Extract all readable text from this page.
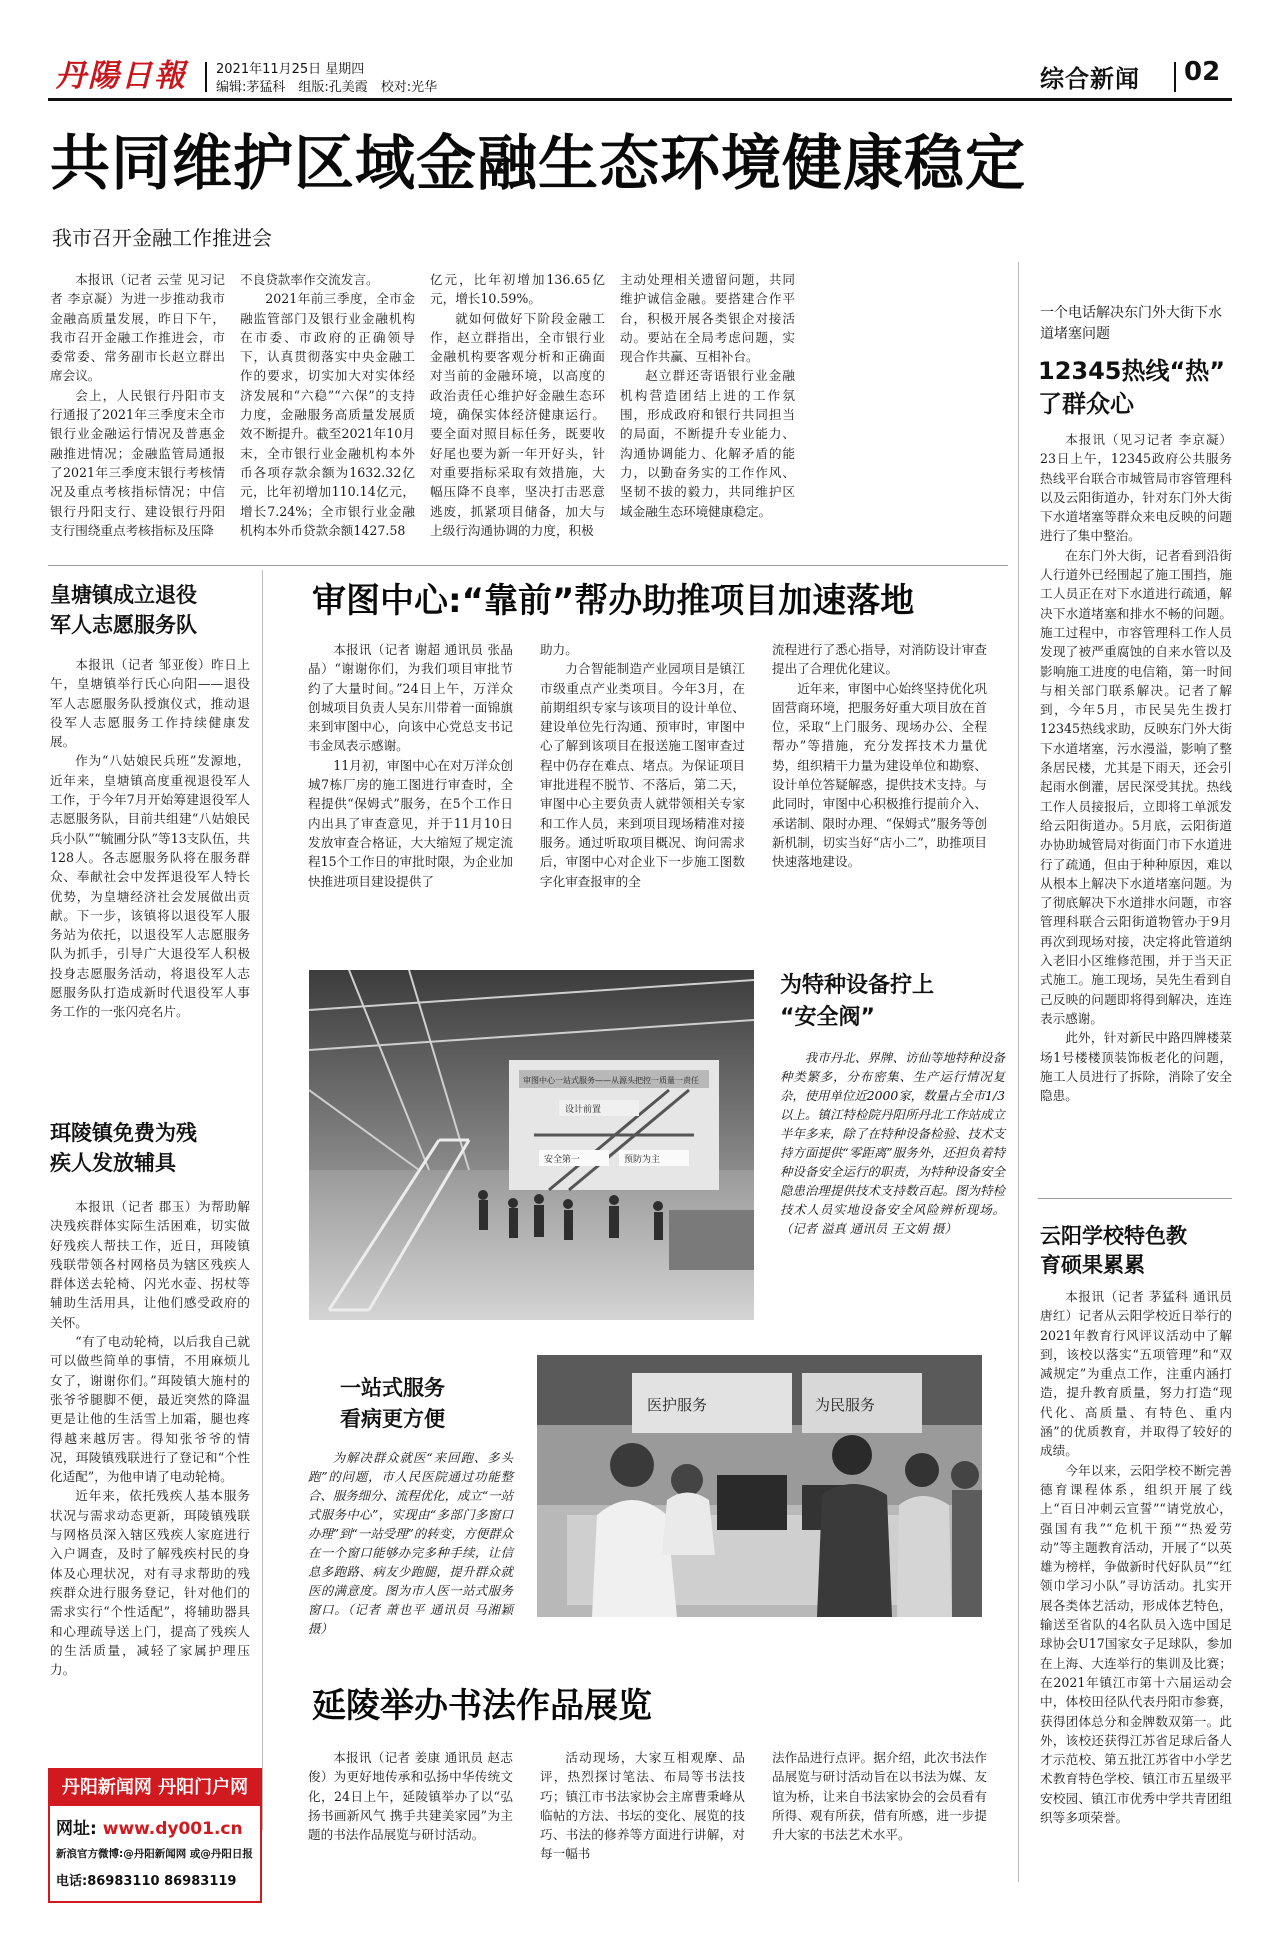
丹陽日報	2021年11月25日 星期四
编辑:茅猛科　组版:孔美霞　校对:光华	综合新闻 02
共同维护区域金融生态环境健康稳定
我市召开金融工作推进会

本报讯（记者 云莹 见习记者 李京凝）为进一步推动我市金融高质量发展，昨日下午，我市召开金融工作推进会，市委常委、常务副市长赵立群出席会议。

会上，人民银行丹阳市支行通报了2021年三季度末全市银行业金融运行情况及普惠金融推进情况；金融监管局通报了2021年三季度末银行考核情况及重点考核指标情况；中信银行丹阳支行、建设银行丹阳支行围绕重点考核指标及压降

不良贷款率作交流发言。

2021年前三季度，全市金融监管部门及银行业金融机构在市委、市政府的正确领导下，认真贯彻落实中央金融工作的要求，切实加大对实体经济发展和“六稳”“六保”的支持力度，金融服务高质量发展质效不断提升。截至2021年10月末，全市银行业金融机构本外币各项存款余额为1632.32亿元，比年初增加110.14亿元，增长7.24%；全市银行业金融机构本外币贷款余额1427.58

亿元，比年初增加136.65亿元，增长10.59%。

就如何做好下阶段金融工作，赵立群指出，全市银行业金融机构要客观分析和正确面对当前的金融环境，以高度的政治责任心维护好金融生态环境，确保实体经济健康运行。要全面对照目标任务，既要收好尾也要为新一年开好头，针对重要指标采取有效措施，大幅压降不良率，坚决打击恶意逃废，抓紧项目储备，加大与上级行沟通协调的力度，积极

主动处理相关遗留问题，共同维护诚信金融。要搭建合作平台，积极开展各类银企对接活动。要站在全局考虑问题，实现合作共赢、互相补台。

赵立群还寄语银行业金融机构营造团结上进的工作氛围，形成政府和银行共同担当的局面，不断提升专业能力、沟通协调能力、化解矛盾的能力，以勤奋务实的工作作风、坚韧不拔的毅力，共同维护区域金融生态环境健康稳定。

一个电话解决东门外大街下水道堵塞问题
12345热线“热”
了群众心

本报讯（见习记者 李京凝）23日上午，12345政府公共服务热线平台联合市城管局市容管理科以及云阳街道办，针对东门外大街下水道堵塞等群众来电反映的问题进行了集中整治。

在东门外大街，记者看到沿街人行道外已经围起了施工围挡，施工人员正在对下水道进行疏通，解决下水道堵塞和排水不畅的问题。施工过程中，市容管理科工作人员发现了被严重腐蚀的自来水管以及影响施工进度的电信箱，第一时间与相关部门联系解决。记者了解到，今年5月，市民吴先生拨打12345热线求助，反映东门外大街下水道堵塞，污水漫溢，影响了整条居民楼，尤其是下雨天，还会引起雨水倒灌，居民深受其扰。热线工作人员接报后，立即将工单派发给云阳街道办。5月底，云阳街道办协助城管局对街面门市下水道进行了疏通，但由于种种原因，难以从根本上解决下水道堵塞问题。为了彻底解决下水道排水问题，市容管理科联合云阳街道物管办于9月再次到现场对接，决定将此管道纳入老旧小区维修范围，并于当天正式施工。施工现场，吴先生看到自己反映的问题即将得到解决，连连表示感谢。

此外，针对新民中路四牌楼菜场1号楼楼顶装饰板老化的问题，施工人员进行了拆除，消除了安全隐患。

云阳学校特色教
育硕果累累

本报讯（记者 茅猛科 通讯员 唐红）记者从云阳学校近日举行的2021年教育行风评议活动中了解到，该校以落实“五项管理”和“双减规定”为重点工作，注重内涵打造，提升教育质量，努力打造“现代化、高质量、有特色、重内涵”的优质教育，并取得了较好的成绩。

今年以来，云阳学校不断完善德育课程体系，组织开展了线上“百日冲刺云宣誓”“请党放心，强国有我”“危机干预”“热爱劳动”等主题教育活动，开展了“以英雄为榜样，争做新时代好队员”“红领巾学习小队”寻访活动。扎实开展各类体艺活动，形成体艺特色，输送至省队的4名队员入选中国足球协会U17国家女子足球队，参加在上海、大连举行的集训及比赛；在2021年镇江市第十六届运动会中，体校田径队代表丹阳市参赛，获得团体总分和金牌数双第一。此外，该校还获得江苏省足球后备人才示范校、第五批江苏省中小学艺术教育特色学校、镇江市五星级平安校园、镇江市优秀中学共青团组织等多项荣誉。

皇塘镇成立退役
军人志愿服务队

本报讯（记者 邹亚俊）昨日上午，皇塘镇举行氏心向阳——退役军人志愿服务队授旗仪式，推动退役军人志愿服务工作持续健康发展。

作为“八姑娘民兵班”发源地，近年来，皇塘镇高度重视退役军人工作，于今年7月开始筹建退役军人志愿服务队，目前共组建“八姑娘民兵小队”“毓圃分队”等13支队伍，共128人。各志愿服务队将在服务群众、奉献社会中发挥退役军人特长优势，为皇塘经济社会发展做出贡献。下一步，该镇将以退役军人服务站为依托，以退役军人志愿服务队为抓手，引导广大退役军人积极投身志愿服务活动，将退役军人志愿服务队打造成新时代退役军人事务工作的一张闪亮名片。

珥陵镇免费为残
疾人发放辅具

本报讯（记者 郡玉）为帮助解决残疾群体实际生活困难，切实做好残疾人帮扶工作，近日，珥陵镇残联带领各村网格员为辖区残疾人群体送去轮椅、闪光水壶、拐杖等辅助生活用具，让他们感受政府的关怀。

“有了电动轮椅，以后我自己就可以做些简单的事情，不用麻烦儿女了，谢谢你们。”珥陵镇大施村的张爷爷腿脚不便，最近突然的降温更是让他的生活雪上加霜，腿也疼得越来越厉害。得知张爷爷的情况，珥陵镇残联进行了登记和“个性化适配”，为他申请了电动轮椅。

近年来，依托残疾人基本服务状况与需求动态更新，珥陵镇残联与网格员深入辖区残疾人家庭进行入户调查，及时了解残疾村民的身体及心理状况，对有寻求帮助的残疾群众进行服务登记，针对他们的需求实行“个性适配”，将辅助器具和心理疏导送上门，提高了残疾人的生活质量，减轻了家属护理压力。

丹阳新闻网 丹阳门户网
网址: www.dy001.cn
新浪官方微博:@丹阳新闻网 或@丹阳日报
电话:86983110 86983119
审图中心:“靠前”帮办助推项目加速落地

本报讯（记者 谢超 通讯员 张晶晶）“谢谢你们，为我们项目审批节约了大量时间。”24日上午，万洋众创城项目负责人吴东川带着一面锦旗来到审图中心，向该中心党总支书记韦金凤表示感谢。

11月初，审图中心在对万洋众创城7栋厂房的施工图进行审查时，全程提供“保姆式”服务，在5个工作日内出具了审查意见，并于11月10日发放审查合格证，大大缩短了规定流程15个工作日的审批时限，为企业加快推进项目建设提供了

助力。

力合智能制造产业园项目是镇江市级重点产业类项目。今年3月，在前期组织专家与该项目的设计单位、建设单位先行沟通、预审时，审图中心了解到该项目在报送施工图审查过程中仍存在难点、堵点。为保证项目审批进程不脱节、不落后，第二天，审图中心主要负责人就带领相关专家和工作人员，来到项目现场精准对接服务。通过听取项目概况、询问需求后，审图中心对企业下一步施工图数字化审查报审的全

流程进行了悉心指导，对消防设计审查提出了合理优化建议。

近年来，审图中心始终坚持优化巩固营商环境，把服务好重大项目放在首位，采取“上门服务、现场办公、全程帮办”等措施，充分发挥技术力量优势，组织精干力量为建设单位和勘察、设计单位答疑解惑，提供技术支持。与此同时，审图中心积极推行提前介入、承诺制、限时办理、“保姆式”服务等创新机制，切实当好“店小二”，助推项目快速落地建设。

审图中心一站式服务——从源头把控一质量一责任
安全第一	预防为主
设计前置
为特种设备拧上
“安全阀”
我市丹北、界牌、访仙等地特种设备种类繁多，分布密集、生产运行情况复杂，使用单位近2000家，数量占全市1/3以上。镇江特检院丹阳所丹北工作站成立半年多来，除了在特种设备检验、技术支持方面提供“零距离”服务外，还担负着特种设备安全运行的职责，为特种设备安全隐患治理提供技术支持数百起。图为特检技术人员实地设备安全风险辨析现场。（记者 溢真 通讯员 王文娟 摄）
一站式服务
看病更方便
为解决群众就医“来回跑、多头跑”的问题，市人民医院通过功能整合、服务细分、流程优化，成立“一站式服务中心”，实现由“多部门多窗口办理”到“一站受理”的转变，方便群众在一个窗口能够办完多种手续，让信息多跑路、病友少跑腿，提升群众就医的满意度。图为市人医一站式服务窗口。（记者 萧也平 通讯员 马湘颖 摄）
医护服务	为民服务
延陵举办书法作品展览

本报讯（记者 姜康 通讯员 赵志俊）为更好地传承和弘扬中华传统文化，24日上午，延陵镇举办了以“弘扬书画新风气 携手共建美家园”为主题的书法作品展览与研讨活动。

活动现场，大家互相观摩、品评，热烈探讨笔法、布局等书法技巧；镇江市书法家协会主席曹秉峰从临帖的方法、书坛的变化、展览的技巧、书法的修养等方面进行讲解，对每一幅书

法作品进行点评。据介绍，此次书法作品展览与研讨活动旨在以书法为媒、友谊为桥，让来自书法家协会的会员看有所得、观有所获，借有所感，进一步提升大家的书法艺术水平。
